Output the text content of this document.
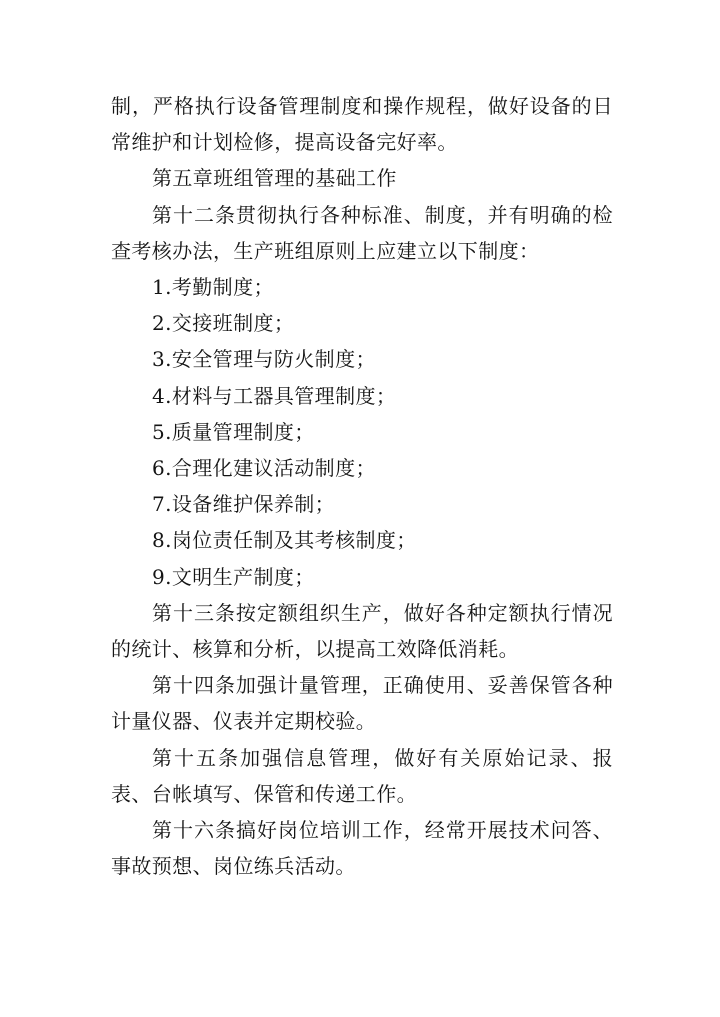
制，严格执行设备管理制度和操作规程，做好设备的日常维护和计划检修，提高设备完好率。

第五章班组管理的基础工作

第十二条贯彻执行各种标准、制度，并有明确的检查考核办法，生产班组原则上应建立以下制度：

1.考勤制度；

2.交接班制度；

3.安全管理与防火制度；

4.材料与工器具管理制度；

5.质量管理制度；

6.合理化建议活动制度；

7.设备维护保养制；

8.岗位责任制及其考核制度；

9.文明生产制度；

第十三条按定额组织生产，做好各种定额执行情况的统计、核算和分析，以提高工效降低消耗。

第十四条加强计量管理，正确使用、妥善保管各种计量仪器、仪表并定期校验。

第十五条加强信息管理，做好有关原始记录、报表、台帐填写、保管和传递工作。

第十六条搞好岗位培训工作，经常开展技术问答、事故预想、岗位练兵活动。
